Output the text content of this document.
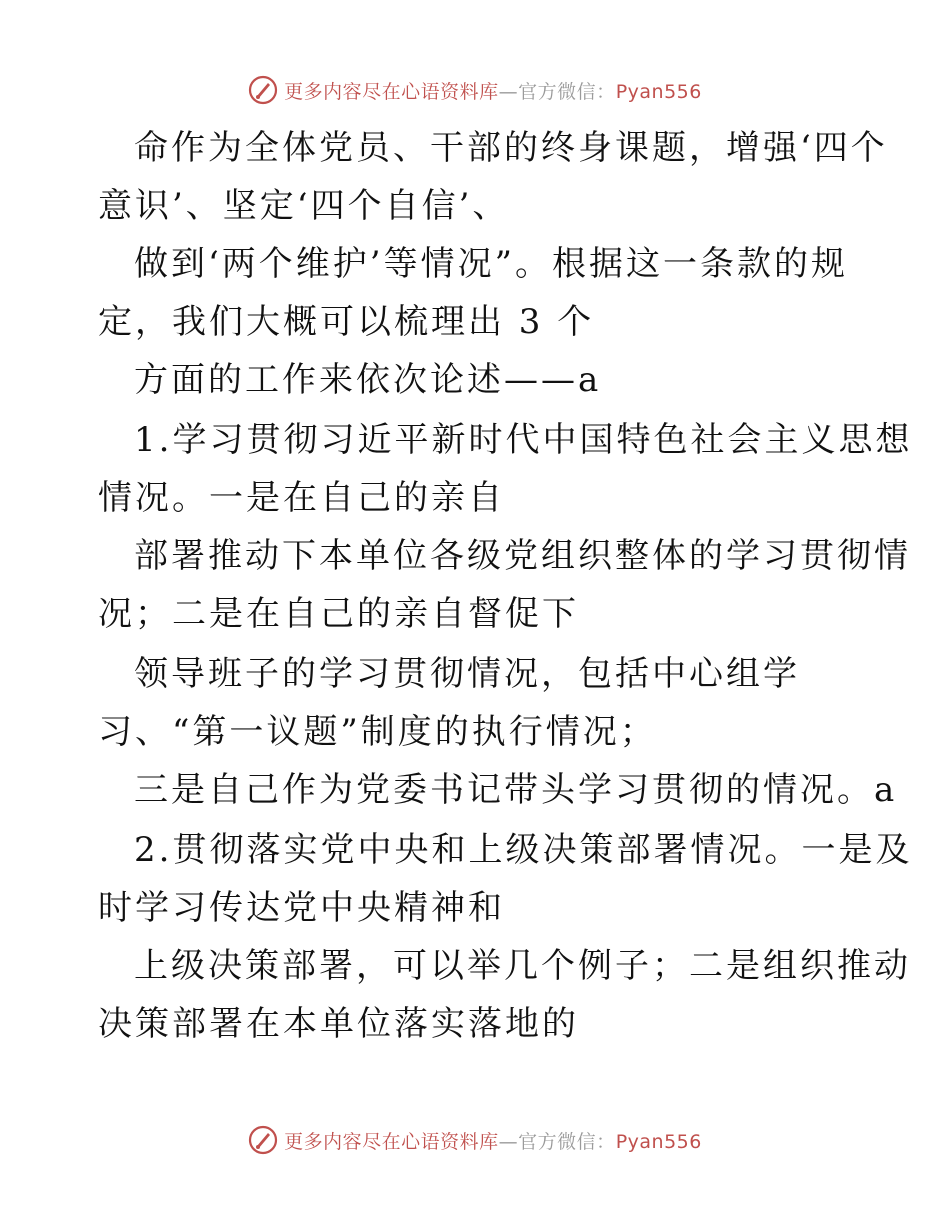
更多内容尽在心语资料库—官方微信：Pyan556
命作为全体党员、干部的终身课题，增强‘四个
意识’、坚定‘四个自信’、
做到‘两个维护’等情况”。根据这一条款的规
定，我们大概可以梳理出 3 个
方面的工作来依次论述——a
1.学习贯彻习近平新时代中国特色社会主义思想
情况。一是在自己的亲自
部署推动下本单位各级党组织整体的学习贯彻情
况；二是在自己的亲自督促下
领导班子的学习贯彻情况，包括中心组学
习、“第一议题”制度的执行情况；
三是自己作为党委书记带头学习贯彻的情况。a
2.贯彻落实党中央和上级决策部署情况。一是及
时学习传达党中央精神和
上级决策部署，可以举几个例子；二是组织推动
决策部署在本单位落实落地的
更多内容尽在心语资料库—官方微信：Pyan556
